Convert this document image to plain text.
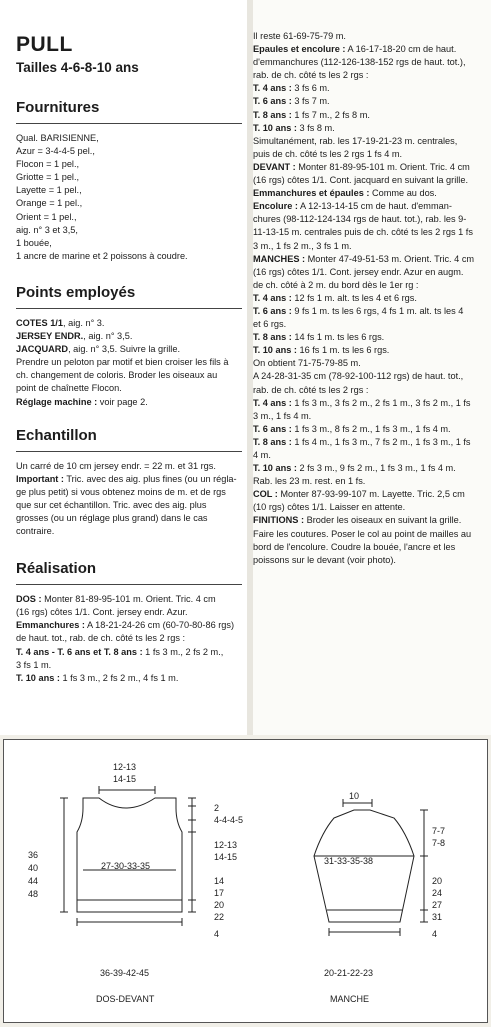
PULL
Tailles 4-6-8-10 ans
Fournitures
Qual. BARISIENNE,
Azur = 3-4-4-5 pel.,
Flocon = 1 pel.,
Griotte = 1 pel.,
Layette = 1 pel.,
Orange = 1 pel.,
Orient = 1 pel.,
aig. n° 3 et 3,5,
1 bouée,
1 ancre de marine et 2 poissons à coudre.
Points employés
COTES 1/1, aig. n° 3.
JERSEY ENDR., aig. n° 3,5.
JACQUARD, aig. n° 3,5. Suivre la grille.
Prendre un peloton par motif et bien croiser les fils à
ch. changement de coloris. Broder les oiseaux au
point de chaînette Flocon.
Réglage machine : voir page 2.
Echantillon
Un carré de 10 cm jersey endr. = 22 m. et 31 rgs.
Important : Tric. avec des aig. plus fines (ou un régla-
ge plus petit) si vous obtenez moins de m. et de rgs
que sur cet échantillon. Tric. avec des aig. plus
grosses (ou un réglage plus grand) dans le cas
contraire.
Réalisation
DOS : Monter 81-89-95-101 m. Orient. Tric. 4 cm
(16 rgs) côtes 1/1. Cont. jersey endr. Azur.
Emmanchures : A 18-21-24-26 cm (60-70-80-86 rgs)
de haut. tot., rab. de ch. côté ts les 2 rgs :
T. 4 ans - T. 6 ans et T. 8 ans : 1 fs 3 m., 2 fs 2 m.,
3 fs 1 m.
T. 10 ans : 1 fs 3 m., 2 fs 2 m., 4 fs 1 m.
Il reste 61-69-75-79 m.
Epaules et encolure : A 16-17-18-20 cm de haut.
d'emmanchures (112-126-138-152 rgs de haut. tot.),
rab. de ch. côté ts les 2 rgs :
T. 4 ans : 3 fs 6 m.
T. 6 ans : 3 fs 7 m.
T. 8 ans : 1 fs 7 m., 2 fs 8 m.
T. 10 ans : 3 fs 8 m.
Simultanément, rab. les 17-19-21-23 m. centrales,
puis de ch. côté ts les 2 rgs 1 fs 4 m.
DEVANT : Monter 81-89-95-101 m. Orient. Tric. 4 cm
(16 rgs) côtes 1/1. Cont. jacquard en suivant la grille.
Emmanchures et épaules : Comme au dos.
Encolure : A 12-13-14-15 cm de haut. d'emman-
chures (98-112-124-134 rgs de haut. tot.), rab. les 9-
11-13-15 m. centrales puis de ch. côté ts les 2 rgs 1 fs
3 m., 1 fs 2 m., 3 fs 1 m.
MANCHES : Monter 47-49-51-53 m. Orient. Tric. 4 cm
(16 rgs) côtes 1/1. Cont. jersey endr. Azur en augm.
de ch. côté à 2 m. du bord dès le 1er rg :
T. 4 ans : 12 fs 1 m. alt. ts les 4 et 6 rgs.
T. 6 ans : 9 fs 1 m. ts les 6 rgs, 4 fs 1 m. alt. ts les 4
et 6 rgs.
T. 8 ans : 14 fs 1 m. ts les 6 rgs.
T. 10 ans : 16 fs 1 m. ts les 6 rgs.
On obtient 71-75-79-85 m.
A 24-28-31-35 cm (78-92-100-112 rgs) de haut. tot.,
rab. de ch. côté ts les 2 rgs :
T. 4 ans : 1 fs 3 m., 3 fs 2 m., 2 fs 1 m., 3 fs 2 m., 1 fs
3 m., 1 fs 4 m.
T. 6 ans : 1 fs 3 m., 8 fs 2 m., 1 fs 3 m., 1 fs 4 m.
T. 8 ans : 1 fs 4 m., 1 fs 3 m., 7 fs 2 m., 1 fs 3 m., 1 fs
4 m.
T. 10 ans : 2 fs 3 m., 9 fs 2 m., 1 fs 3 m., 1 fs 4 m.
Rab. les 23 m. rest. en 1 fs.
COL : Monter 87-93-99-107 m. Layette. Tric. 2,5 cm
(10 rgs) côtes 1/1. Laisser en attente.
FINITIONS : Broder les oiseaux en suivant la grille.
Faire les coutures. Poser le col au point de mailles au
bord de l'encolure. Coudre la bouée, l'ancre et les
poissons sur le devant (voir photo).
12-13
14-15
27-30-33-35
36-39-42-45
DOS-DEVANT
36
40
44
48
2
4-4-4-5
12-13
14-15
14
17
20
22
4
10
31-33-35-38
20-21-22-23
MANCHE
7-7
7-8
20
24
27
31
4
